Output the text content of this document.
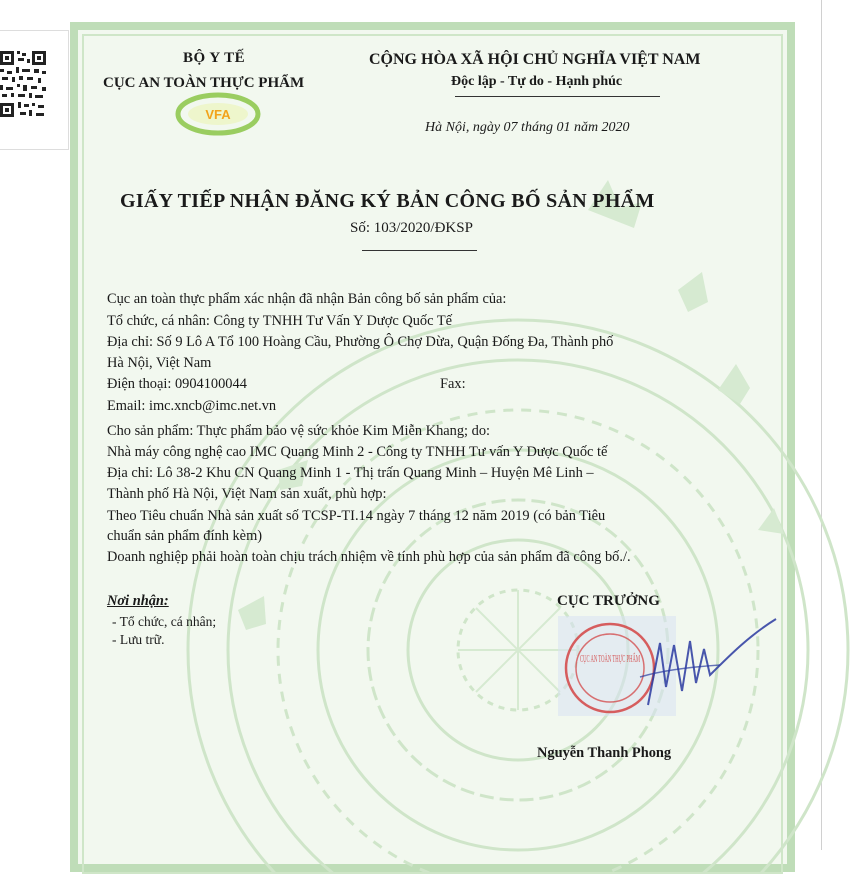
BỘ Y TẾ
CỤC AN TOÀN THỰC PHẨM
VFA
CỘNG HÒA XÃ HỘI CHỦ NGHĨA VIỆT NAM
Độc lập - Tự do - Hạnh phúc
Hà Nội, ngày 07 tháng 01 năm 2020
GIẤY TIẾP NHẬN ĐĂNG KÝ BẢN CÔNG BỐ SẢN PHẨM
Số: 103/2020/ĐKSP
Cục an toàn thực phẩm xác nhận đã nhận Bản công bố sản phẩm của:
Tổ chức, cá nhân: Công ty TNHH Tư Vấn Y Dược Quốc Tế
Địa chỉ: Số 9 Lô A Tổ 100 Hoàng Cầu, Phường Ô Chợ Dừa, Quận Đống Đa, Thành phố
Hà Nội, Việt Nam
Điện thoại: 0904100044	Fax:
Email: imc.xncb@imc.net.vn
Cho sản phẩm: Thực phẩm bảo vệ sức khỏe Kim Miễn Khang; do:
Nhà máy công nghệ cao IMC Quang Minh 2 - Công ty TNHH Tư vấn Y Dược Quốc tế
Địa chỉ: Lô 38-2 Khu CN Quang Minh 1 - Thị trấn Quang Minh – Huyện Mê Linh –
Thành phố Hà Nội, Việt Nam sản xuất, phù hợp:
Theo Tiêu chuẩn Nhà sản xuất số TCSP-TI.14 ngày 7 tháng 12 năm 2019 (có bản Tiêu
chuẩn sản phẩm đính kèm)
Doanh nghiệp phải hoàn toàn chịu trách nhiệm về tính phù hợp của sản phẩm đã công bố./.
Nơi nhận:
- Tổ chức, cá nhân;
- Lưu trữ.
CỤC TRƯỞNG
Nguyễn Thanh Phong
